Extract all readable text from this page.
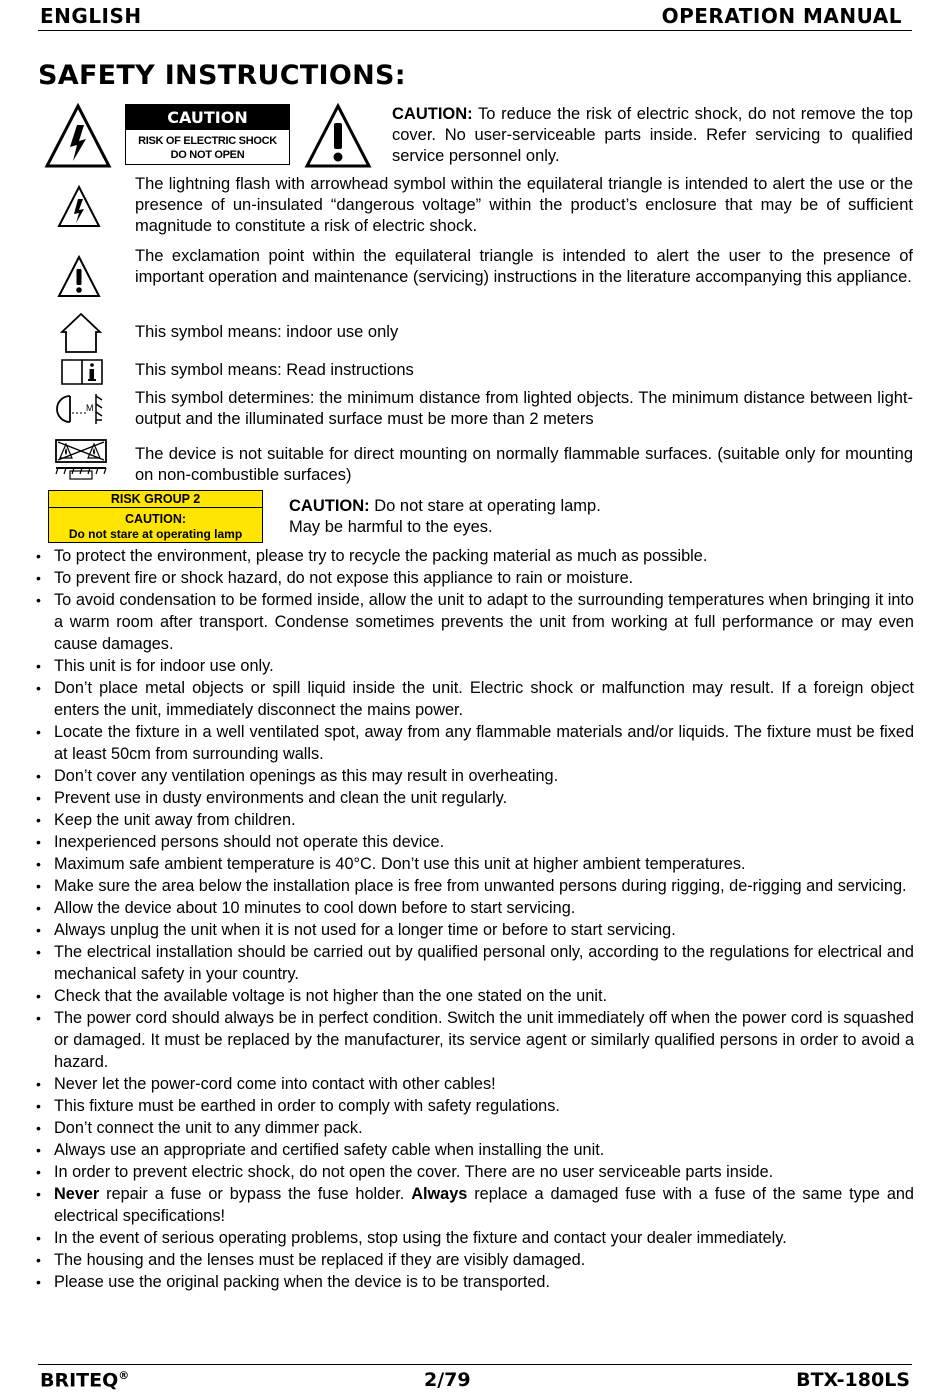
ENGLISH	OPERATION MANUAL
SAFETY INSTRUCTIONS:
CAUTION
RISK OF ELECTRIC SHOCK
DO NOT OPEN
CAUTION: To reduce the risk of electric shock, do not remove the top cover. No user-serviceable parts inside. Refer servicing to qualified service personnel only.
The lightning flash with arrowhead symbol within the equilateral triangle is intended to alert the use or the presence of un-insulated “dangerous voltage” within the product’s enclosure that may be of sufficient magnitude to constitute a risk of electric shock.
The exclamation point within the equilateral triangle is intended to alert the user to the presence of important operation and maintenance (servicing) instructions in the literature accompanying this appliance.
This symbol means: indoor use only
This symbol means: Read instructions
M
This symbol determines: the minimum distance from lighted objects. The minimum distance between light-output and the illuminated surface must be more than 2 meters
The device is not suitable for direct mounting on normally flammable surfaces. (suitable only for mounting on non-combustible surfaces)
RISK GROUP 2
CAUTION:
Do not stare at operating lamp
CAUTION: Do not stare at operating lamp.
May be harmful to the eyes.
• To protect the environment, please try to recycle the packing material as much as possible.
• To prevent fire or shock hazard, do not expose this appliance to rain or moisture.
• To avoid condensation to be formed inside, allow the unit to adapt to the surrounding temperatures when bringing it into a warm room after transport. Condense sometimes prevents the unit from working at full performance or may even cause damages.
• This unit is for indoor use only.
• Don’t place metal objects or spill liquid inside the unit. Electric shock or malfunction may result. If a foreign object enters the unit, immediately disconnect the mains power.
• Locate the fixture in a well ventilated spot, away from any flammable materials and/or liquids. The fixture must be fixed at least 50cm from surrounding walls.
• Don’t cover any ventilation openings as this may result in overheating.
• Prevent use in dusty environments and clean the unit regularly.
• Keep the unit away from children.
• Inexperienced persons should not operate this device.
• Maximum safe ambient temperature is 40°C. Don’t use this unit at higher ambient temperatures.
• Make sure the area below the installation place is free from unwanted persons during rigging, de-rigging and servicing.
• Allow the device about 10 minutes to cool down before to start servicing.
• Always unplug the unit when it is not used for a longer time or before to start servicing.
• The electrical installation should be carried out by qualified personal only, according to the regulations for electrical and mechanical safety in your country.
• Check that the available voltage is not higher than the one stated on the unit.
• The power cord should always be in perfect condition. Switch the unit immediately off when the power cord is squashed or damaged. It must be replaced by the manufacturer, its service agent or similarly qualified persons in order to avoid a hazard.
• Never let the power-cord come into contact with other cables!
• This fixture must be earthed in order to comply with safety regulations.
• Don’t connect the unit to any dimmer pack.
• Always use an appropriate and certified safety cable when installing the unit.
• In order to prevent electric shock, do not open the cover. There are no user serviceable parts inside.
• Never repair a fuse or bypass the fuse holder. Always replace a damaged fuse with a fuse of the same type and electrical specifications!
• In the event of serious operating problems, stop using the fixture and contact your dealer immediately.
• The housing and the lenses must be replaced if they are visibly damaged.
• Please use the original packing when the device is to be transported.
BRITEQ®	2/79	BTX-180LS
